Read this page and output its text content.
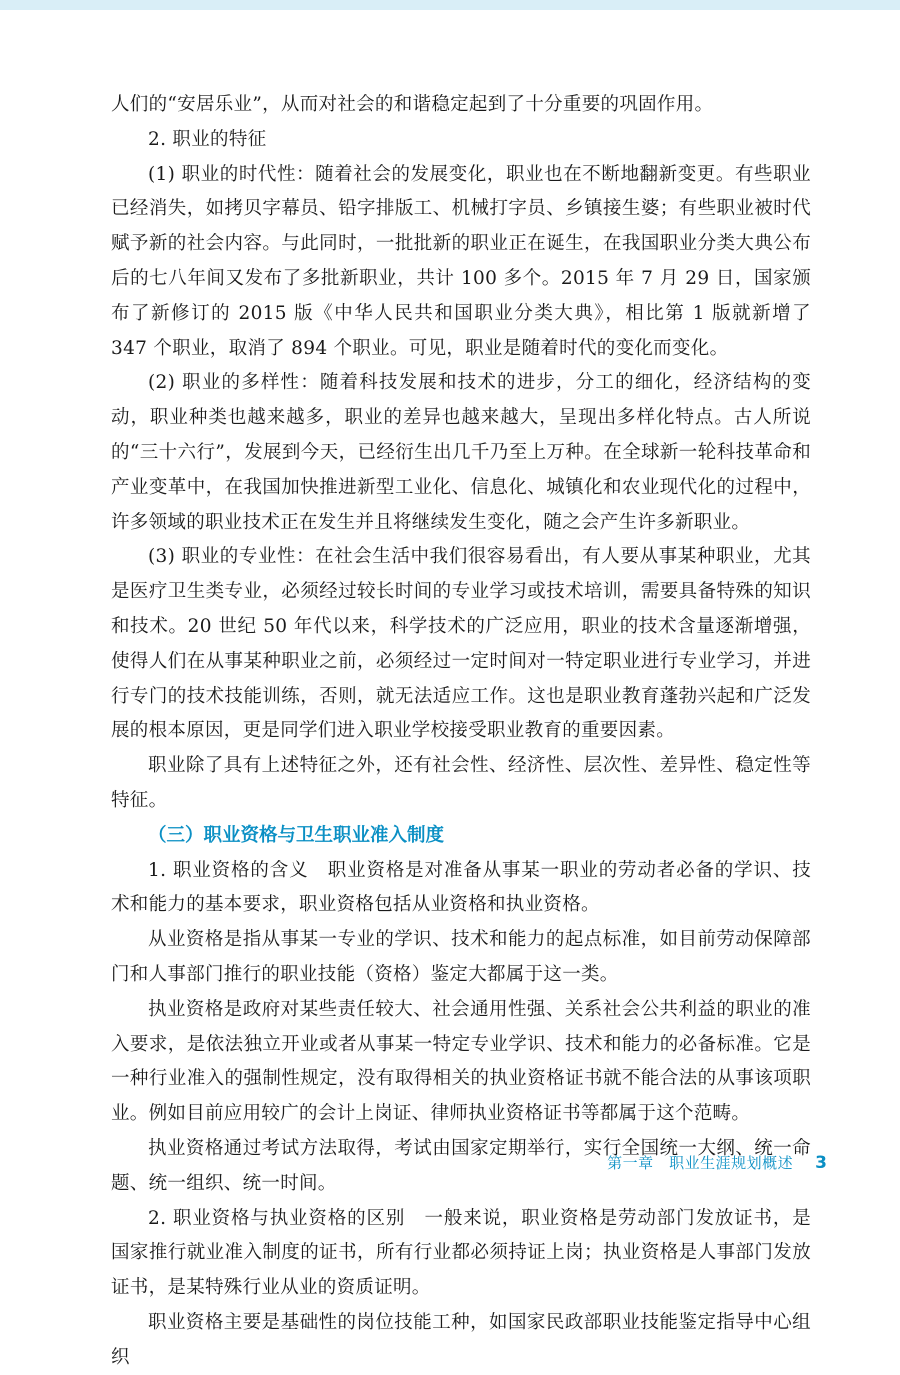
人们的“安居乐业”，从而对社会的和谐稳定起到了十分重要的巩固作用。

2. 职业的特征

(1) 职业的时代性：随着社会的发展变化，职业也在不断地翻新变更。有些职业已经消失，如拷贝字幕员、铅字排版工、机械打字员、乡镇接生婆；有些职业被时代赋予新的社会内容。与此同时，一批批新的职业正在诞生，在我国职业分类大典公布后的七八年间又发布了多批新职业，共计 100 多个。2015 年 7 月 29 日，国家颁布了新修订的 2015 版《中华人民共和国职业分类大典》，相比第 1 版就新增了 347 个职业，取消了 894 个职业。可见，职业是随着时代的变化而变化。

(2) 职业的多样性：随着科技发展和技术的进步，分工的细化，经济结构的变动，职业种类也越来越多，职业的差异也越来越大，呈现出多样化特点。古人所说的“三十六行”，发展到今天，已经衍生出几千乃至上万种。在全球新一轮科技革命和产业变革中，在我国加快推进新型工业化、信息化、城镇化和农业现代化的过程中，许多领域的职业技术正在发生并且将继续发生变化，随之会产生许多新职业。

(3) 职业的专业性：在社会生活中我们很容易看出，有人要从事某种职业，尤其是医疗卫生类专业，必须经过较长时间的专业学习或技术培训，需要具备特殊的知识和技术。20 世纪 50 年代以来，科学技术的广泛应用，职业的技术含量逐渐增强，使得人们在从事某种职业之前，必须经过一定时间对一特定职业进行专业学习，并进行专门的技术技能训练，否则，就无法适应工作。这也是职业教育蓬勃兴起和广泛发展的根本原因，更是同学们进入职业学校接受职业教育的重要因素。

职业除了具有上述特征之外，还有社会性、经济性、层次性、差异性、稳定性等特征。

（三）职业资格与卫生职业准入制度

1. 职业资格的含义　职业资格是对准备从事某一职业的劳动者必备的学识、技术和能力的基本要求，职业资格包括从业资格和执业资格。

从业资格是指从事某一专业的学识、技术和能力的起点标准，如目前劳动保障部门和人事部门推行的职业技能（资格）鉴定大都属于这一类。

执业资格是政府对某些责任较大、社会通用性强、关系社会公共利益的职业的准入要求，是依法独立开业或者从事某一特定专业学识、技术和能力的必备标准。它是一种行业准入的强制性规定，没有取得相关的执业资格证书就不能合法的从事该项职业。例如目前应用较广的会计上岗证、律师执业资格证书等都属于这个范畴。

执业资格通过考试方法取得，考试由国家定期举行，实行全国统一大纲、统一命题、统一组织、统一时间。

2. 职业资格与执业资格的区别　一般来说，职业资格是劳动部门发放证书，是国家推行就业准入制度的证书，所有行业都必须持证上岗；执业资格是人事部门发放证书，是某特殊行业从业的资质证明。

职业资格主要是基础性的岗位技能工种，如国家民政部职业技能鉴定指导中心组织

第一章　职业生涯规划概述 3
